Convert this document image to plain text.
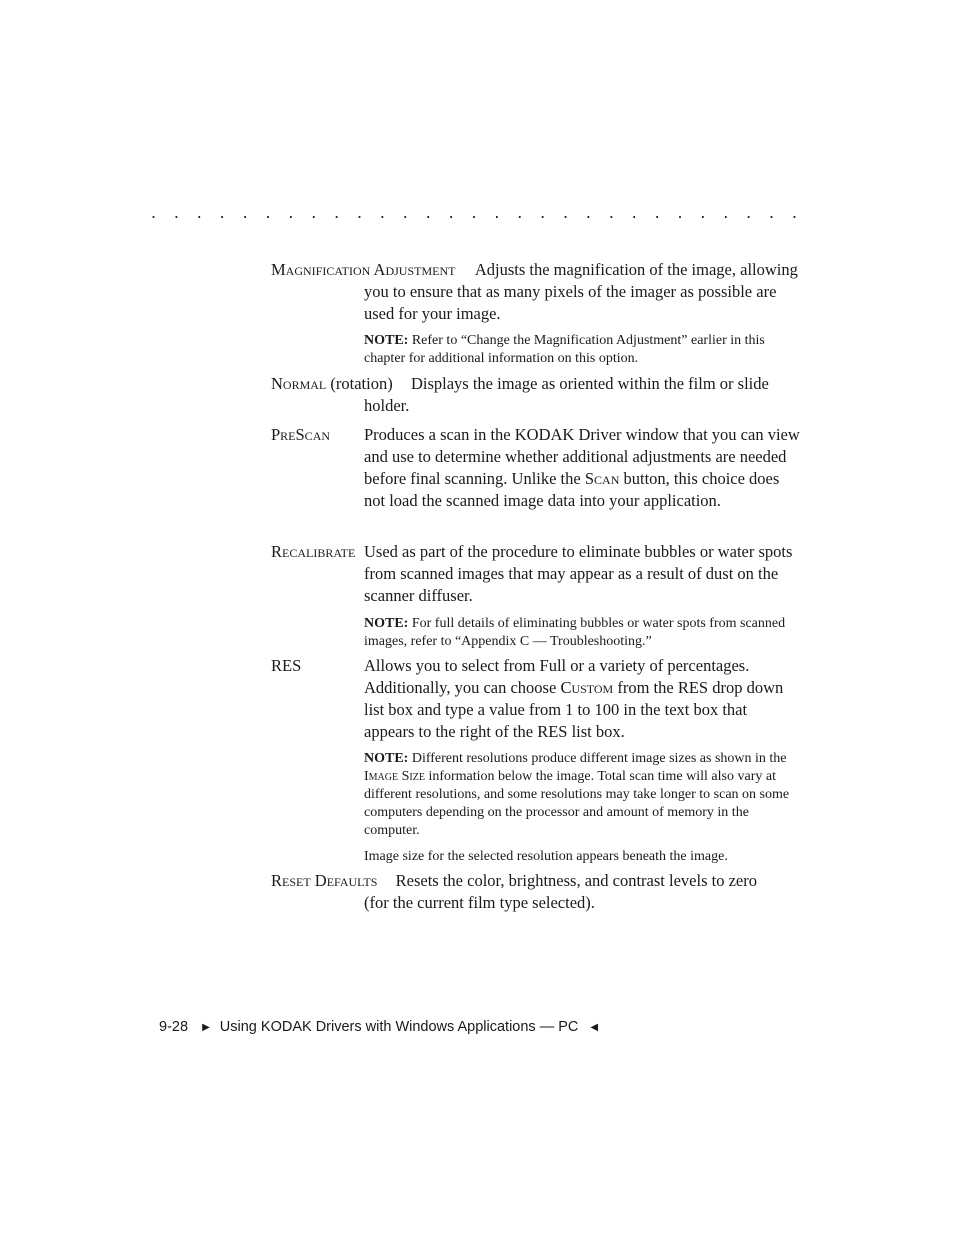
. . . . . . . . . . . . . . . . . . . . . . . . . . . . .
Magnification Adjustment Adjusts the magnification of the image, allowing
you to ensure that as many pixels of the imager as possible are used for your image.
NOTE: Refer to “Change the Magnification Adjustment” earlier in this chapter for additional information on this option.
Normal (rotation) Displays the image as oriented within the film or slide
holder.
PreScan	Produces a scan in the KODAK Driver window that you can view and use to determine whether additional adjustments are needed before final scanning. Unlike the Scan button, this choice does not load the scanned image data into your application.
Recalibrate Used as part of the procedure to eliminate bubbles or water spots from scanned images that may appear as a result of dust on the scanner diffuser.
NOTE: For full details of eliminating bubbles or water spots from scanned images, refer to “Appendix C — Troubleshooting.”
RES	Allows you to select from Full or a variety of percentages. Additionally, you can choose Custom from the RES drop down list box and type a value from 1 to 100 in the text box that appears to the right of the RES list box.
NOTE: Different resolutions produce different image sizes as shown in the Image Size information below the image. Total scan time will also vary at different resolutions, and some resolutions may take longer to scan on some computers depending on the processor and amount of memory in the computer.
Image size for the selected resolution appears beneath the image.
Reset Defaults Resets the color, brightness, and contrast levels to zero
(for the current film type selected).
9-28 ▶ Using KODAK Drivers with Windows Applications — PC ◀
